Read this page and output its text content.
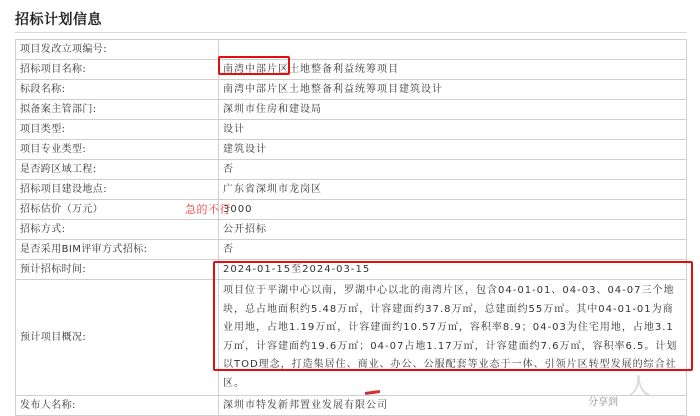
招标计划信息
项目发改立项编号:	
招标项目名称:	南湾中部片区土地整备利益统筹项目
标段名称:	南湾中部片区土地整备利益统筹项目建筑设计
拟备案主管部门:	深圳市住房和建设局
项目类型:	设计
项目专业类型:	建筑设计
是否跨区域工程:	否
招标项目建设地点:	广东省深圳市龙岗区
招标估价（万元）	3000
招标方式:	公开招标
是否采用BIM评审方式招标:	否
预计招标时间:	2024-01-15至2024-03-15
预计项目概况:	项目位于平湖中心以南，罗湖中心以北的南湾片区，包含04-01-01、04-03、04-07三个地块，总占地面积约5.48万㎡，计容建面约37.8万㎡，总建面约55万㎡。其中04-01-01为商业用地，占地1.19万㎡，计容建面约10.57万㎡，容积率8.9；04-03为住宅用地，占地3.1万㎡，计容建面约19.6万㎡；04-07占地1.17万㎡，计容建面约7.6万㎡，容积率6.5。计划以TOD理念，打造集居住、商业、办公、公服配套等业态于一体、引领片区转型发展的综合社区。
发布人名称:	深圳市特发新邦置业发展有限公司
急的不行
人
分享到
